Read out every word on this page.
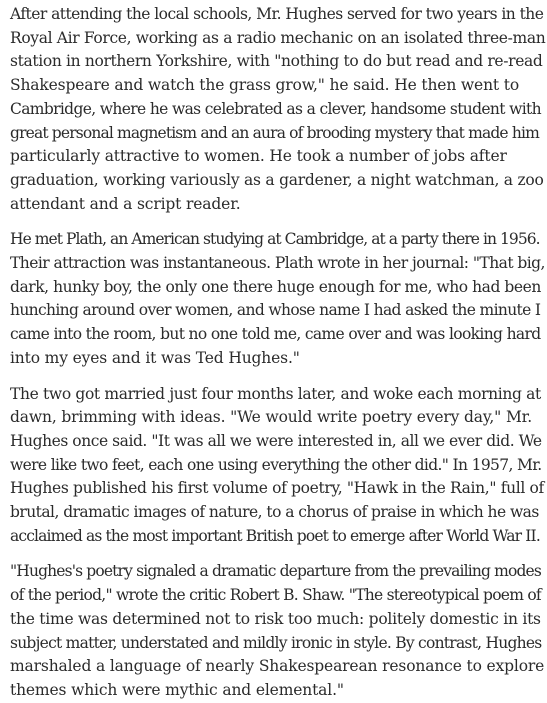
After attending the local schools, Mr. Hughes served for two years in the
Royal Air Force, working as a radio mechanic on an isolated three-man
station in northern Yorkshire, with "nothing to do but read and re-read
Shakespeare and watch the grass grow," he said. He then went to
Cambridge, where he was celebrated as a clever, handsome student with
great personal magnetism and an aura of brooding mystery that made him
particularly attractive to women. He took a number of jobs after
graduation, working variously as a gardener, a night watchman, a zoo
attendant and a script reader.

He met Plath, an American studying at Cambridge, at a party there in 1956.
Their attraction was instantaneous. Plath wrote in her journal: "That big,
dark, hunky boy, the only one there huge enough for me, who had been
hunching around over women, and whose name I had asked the minute I
came into the room, but no one told me, came over and was looking hard
into my eyes and it was Ted Hughes."

The two got married just four months later, and woke each morning at
dawn, brimming with ideas. "We would write poetry every day," Mr.
Hughes once said. "It was all we were interested in, all we ever did. We
were like two feet, each one using everything the other did." In 1957, Mr.
Hughes published his first volume of poetry, "Hawk in the Rain," full of
brutal, dramatic images of nature, to a chorus of praise in which he was
acclaimed as the most important British poet to emerge after World War II.

"Hughes's poetry signaled a dramatic departure from the prevailing modes
of the period," wrote the critic Robert B. Shaw. "The stereotypical poem of
the time was determined not to risk too much: politely domestic in its
subject matter, understated and mildly ironic in style. By contrast, Hughes
marshaled a language of nearly Shakespearean resonance to explore
themes which were mythic and elemental."
